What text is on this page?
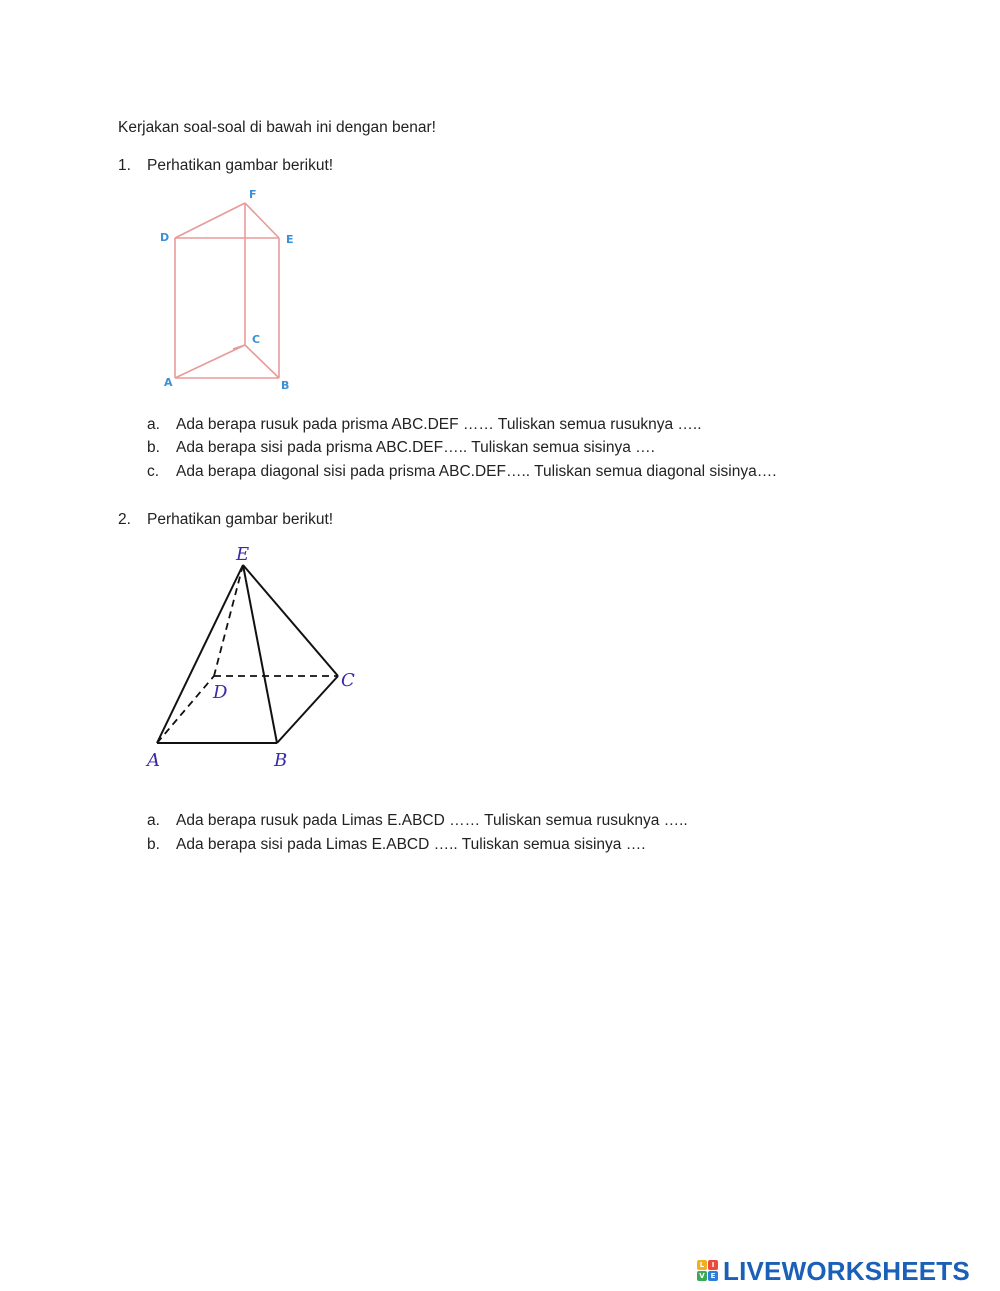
Kerjakan soal-soal di bawah ini dengan benar!
1. Perhatikan gambar berikut!
F
D	E
C
A	B
E
C
D
A	B
a. Ada berapa rusuk pada prisma ABC.DEF …… Tuliskan semua rusuknya …..
b. Ada berapa sisi pada prisma ABC.DEF….. Tuliskan semua sisinya ….
c. Ada berapa diagonal sisi pada prisma ABC.DEF….. Tuliskan semua diagonal sisinya….
2. Perhatikan gambar berikut!
a. Ada berapa rusuk pada Limas E.ABCD …… Tuliskan semua rusuknya …..
b. Ada berapa sisi pada Limas E.ABCD ….. Tuliskan semua sisinya ….
L	I
V E LIVEWORKSHEETS
